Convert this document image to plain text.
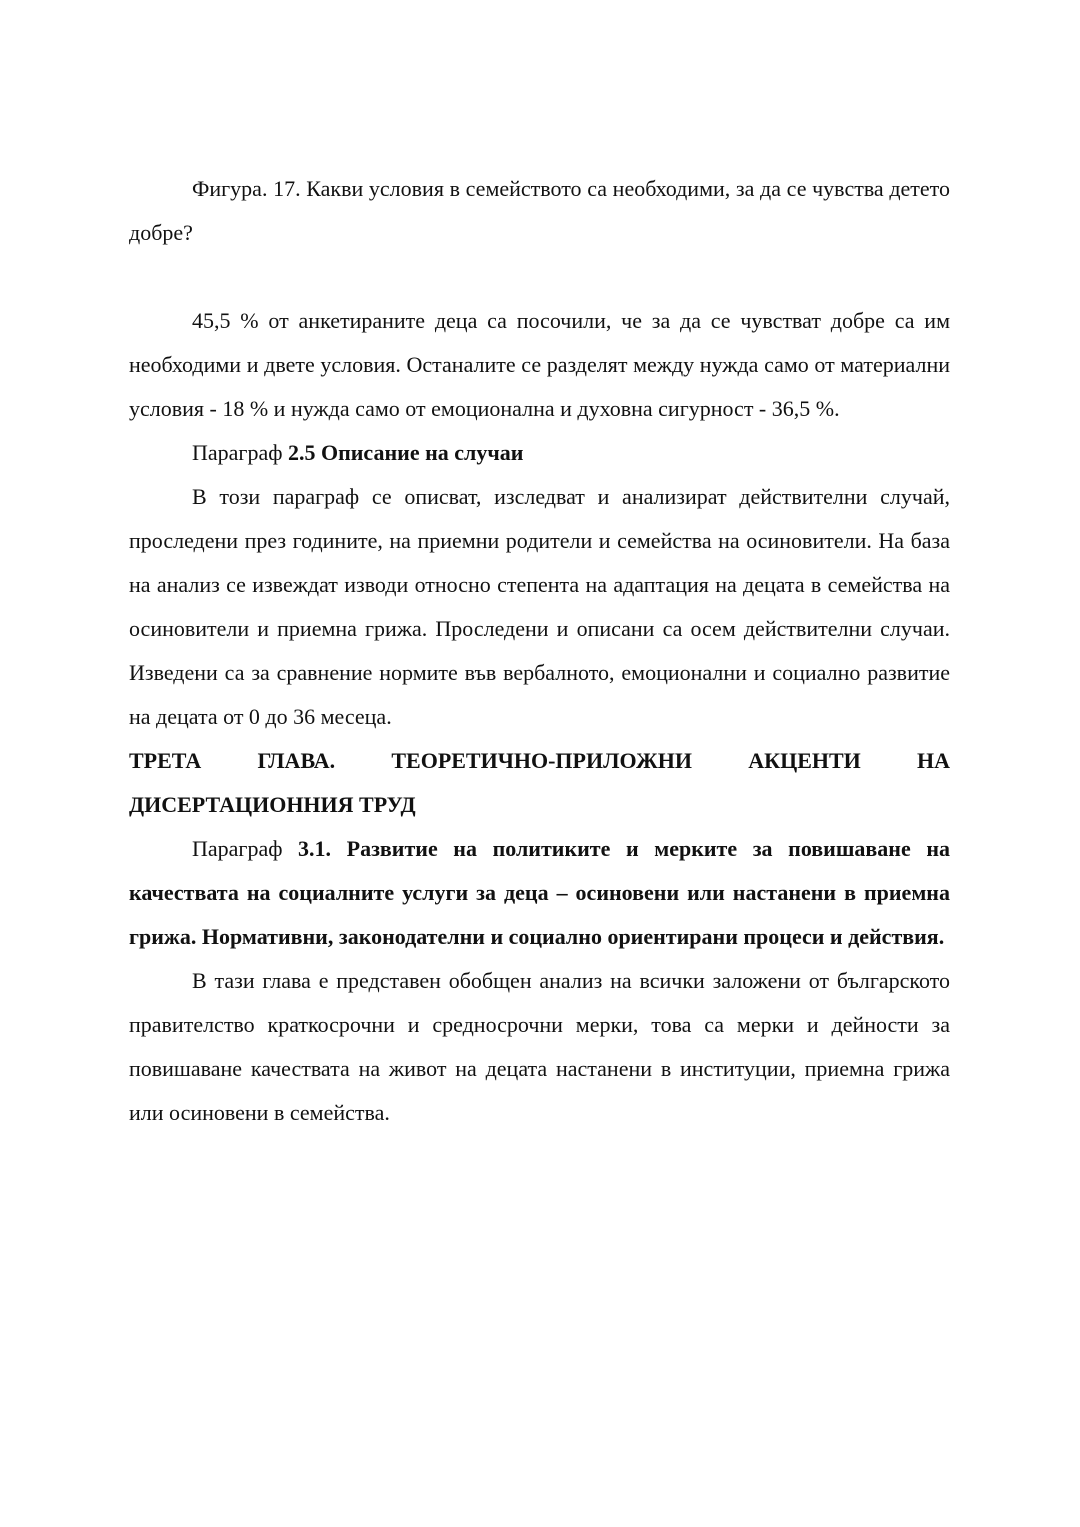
Фигура. 17. Какви условия в семейството са необходими, за да се чувства детето добре?

45,5 % от анкетираните деца са посочили, че за да се чувстват добре са им необходими и двете условия. Останалите се разделят между нужда само от материални условия - 18 % и нужда само от емоционална и духовна сигурност - 36,5 %.

Параграф 2.5 Описание на случаи

В този параграф се описват, изследват и анализират действителни случай, проследени през годините, на приемни родители и семейства на осиновители. На база на анализ се извеждат изводи относно степента на адаптация на децата в семейства на осиновители и приемна грижа. Проследени и описани са осем действителни случаи. Изведени са за сравнение нормите във вербалното, емоционални и социално развитие на децата от 0 до 36 месеца.

ТРЕТА ГЛАВА. ТЕОРЕТИЧНО-ПРИЛОЖНИ АКЦЕНТИ НА ДИСЕРТАЦИОННИЯ ТРУД

Параграф 3.1. Развитие на политиките и мерките за повишаване на качествата на социалните услуги за деца – осиновени или настанени в приемна грижа. Нормативни, законодателни и социално ориентирани процеси и действия.

В тази глава е представен обобщен анализ на всички заложени от българското правителство краткосрочни и средносрочни мерки, това са мерки и дейности за повишаване качествата на живот на децата настанени в институции, приемна грижа или осиновени в семейства.
